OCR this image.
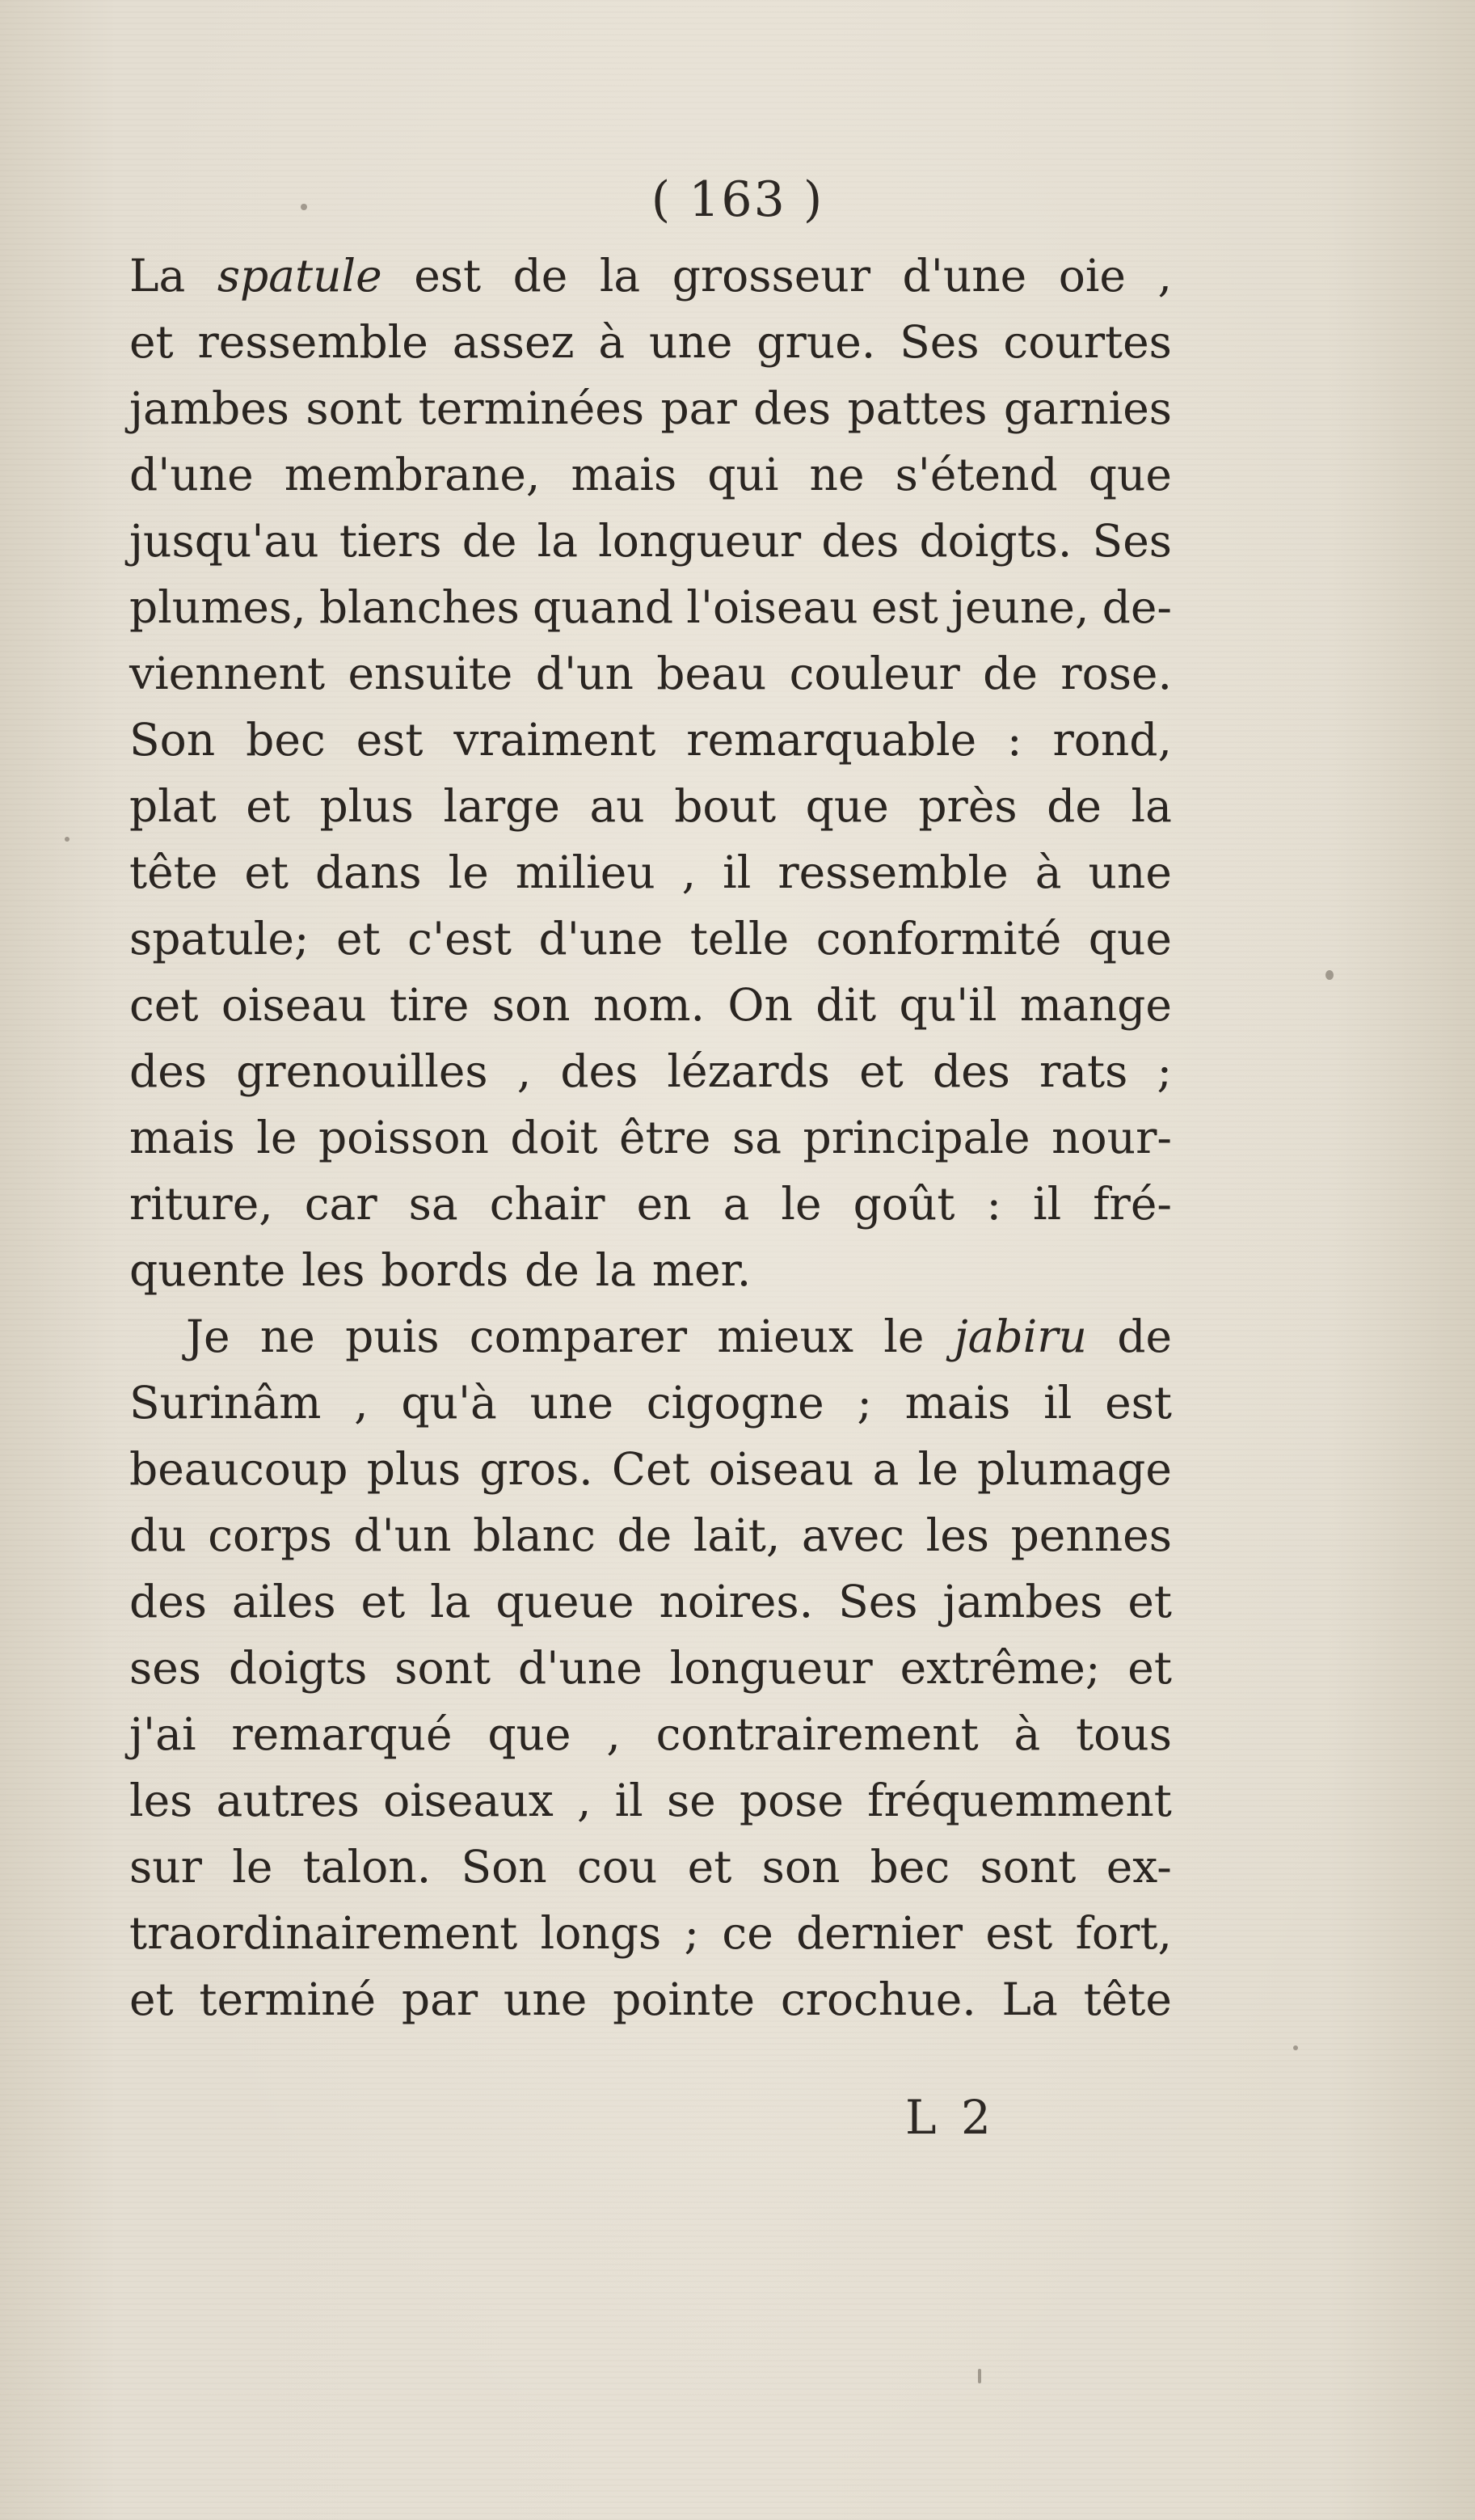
( 163 )
La spatule est de la grosseur d'une oie ,
et ressemble assez à une grue. Ses courtes
jambes sont terminées par des pattes garnies
d'une membrane, mais qui ne s'étend que
jusqu'au tiers de la longueur des doigts. Ses
plumes, blanches quand l'oiseau est jeune, de-
viennent ensuite d'un beau couleur de rose.
Son bec est vraiment remarquable : rond,
plat et plus large au bout que près de la
tête et dans le milieu , il ressemble à une
spatule; et c'est d'une telle conformité que
cet oiseau tire son nom. On dit qu'il mange
des grenouilles , des lézards et des rats ;
mais le poisson doit être sa principale nour-
riture, car sa chair en a le goût : il fré-
quente les bords de la mer.
Je ne puis comparer mieux le jabiru de
Surinâm , qu'à une cigogne ; mais il est
beaucoup plus gros. Cet oiseau a le plumage
du corps d'un blanc de lait, avec les pennes
des ailes et la queue noires. Ses jambes et
ses doigts sont d'une longueur extrême; et
j'ai remarqué que , contrairement à tous
les autres oiseaux , il se pose fréquemment
sur le talon. Son cou et son bec sont ex-
traordinairement longs ; ce dernier est fort,
et terminé par une pointe crochue. La tête
L 2
